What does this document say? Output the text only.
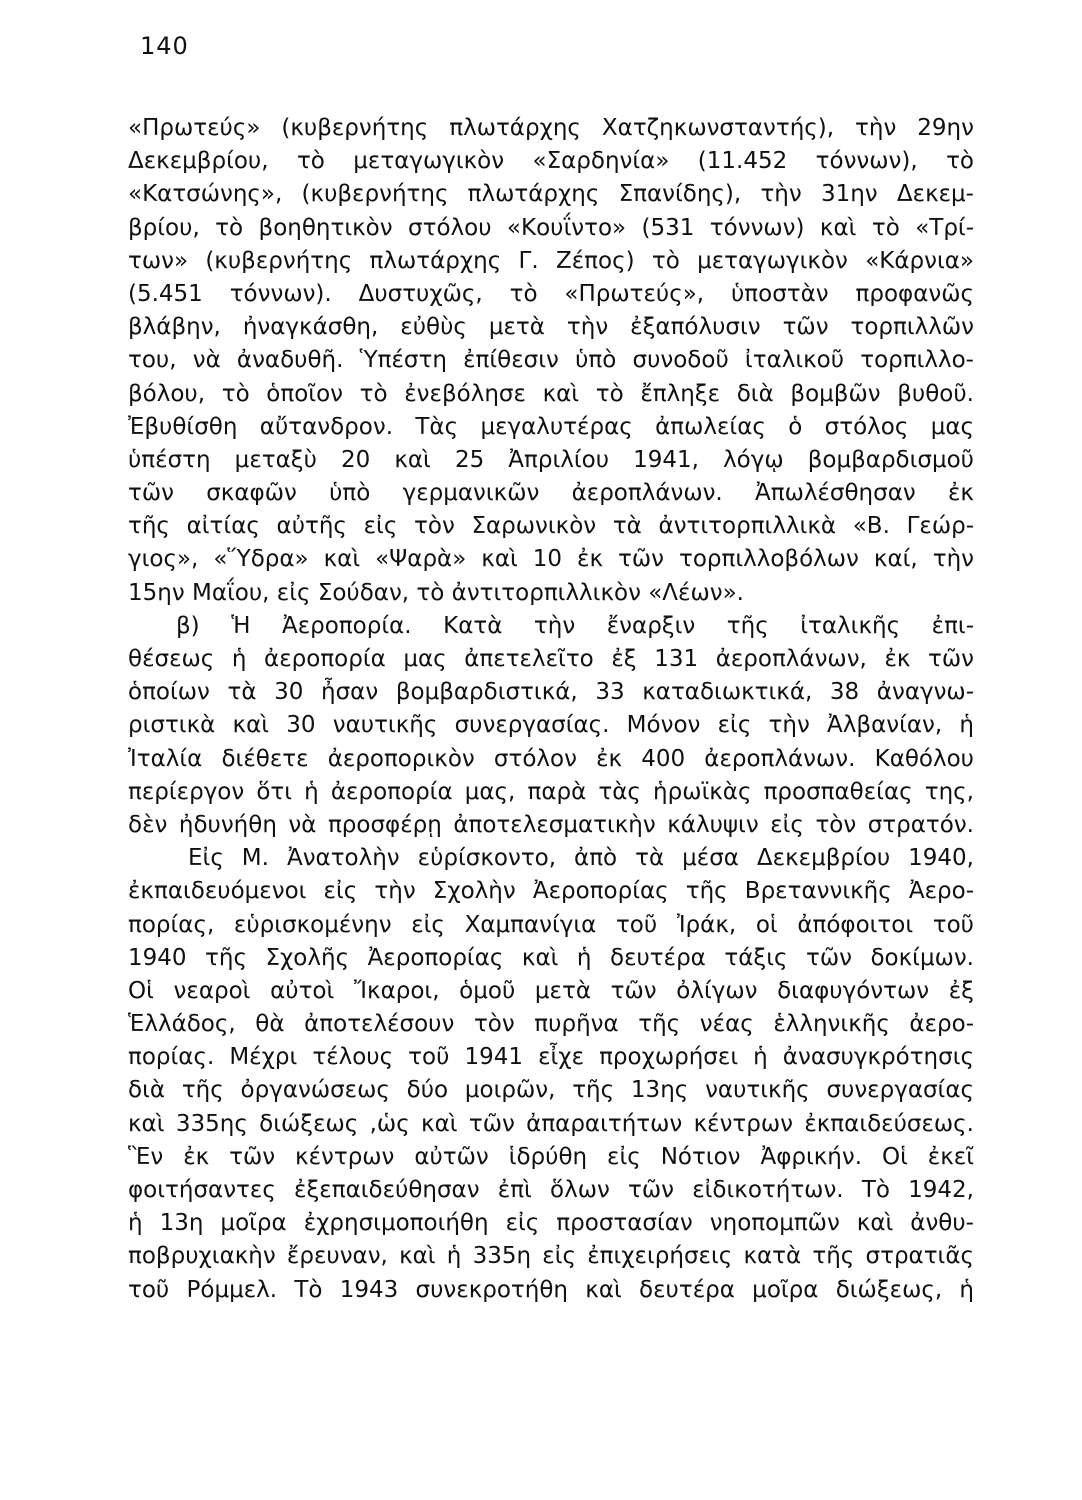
140
«Πρωτεύς» (κυβερνήτης πλωτάρχης Χατζηκωνσταντής), τὴν 29ην
Δεκεμβρίου, τὸ μεταγωγικὸν «Σαρδηνία» (11.452 τόννων), τὸ
«Κατσώνης», (κυβερνήτης πλωτάρχης Σπανίδης), τὴν 31ην Δεκεμ-
βρίου, τὸ βοηθητικὸν στόλου «Κουΐντο» (531 τόννων) καὶ τὸ «Τρί-
των» (κυβερνήτης πλωτάρχης Γ. Ζέπος) τὸ μεταγωγικὸν «Κάρνια»
(5.451 τόννων). Δυστυχῶς, τὸ «Πρωτεύς», ὑποστὰν προφανῶς
βλάβην, ἠναγκάσθη, εὐθὺς μετὰ τὴν ἐξαπόλυσιν τῶν τορπιλλῶν
του, νὰ ἀναδυθῆ. Ὑπέστη ἐπίθεσιν ὑπὸ συνοδοῦ ἰταλικοῦ τορπιλλο-
βόλου, τὸ ὁποῖον τὸ ἐνεβόλησε καὶ τὸ ἔπληξε διὰ βομβῶν βυθοῦ.
Ἐβυθίσθη αὔτανδρον. Τὰς μεγαλυτέρας ἀπωλείας ὁ στόλος μας
ὑπέστη μεταξὺ 20 καὶ 25 Ἀπριλίου 1941, λόγῳ βομβαρδισμοῦ
τῶν σκαφῶν ὑπὸ γερμανικῶν ἀεροπλάνων. Ἀπωλέσθησαν ἐκ
τῆς αἰτίας αὐτῆς εἰς τὸν Σαρωνικὸν τὰ ἀντιτορπιλλικὰ «Β. Γεώρ-
γιος», «Ὕδρα» καὶ «Ψαρὰ» καὶ 10 ἐκ τῶν τορπιλλοβόλων καί, τὴν
15ην Μαΐου, εἰς Σούδαν, τὸ ἀντιτορπιλλικὸν «Λέων».
β) Ἡ Ἀεροπορία. Κατὰ τὴν ἔναρξιν τῆς ἰταλικῆς ἐπι-
θέσεως ἡ ἀεροπορία μας ἀπετελεῖτο ἐξ 131 ἀεροπλάνων, ἐκ τῶν
ὁποίων τὰ 30 ἦσαν βομβαρδιστικά, 33 καταδιωκτικά, 38 ἀναγνω-
ριστικὰ καὶ 30 ναυτικῆς συνεργασίας. Μόνον εἰς τὴν Ἀλβανίαν, ἡ
Ἰταλία διέθετε ἀεροπορικὸν στόλον ἐκ 400 ἀεροπλάνων. Καθόλου
περίεργον ὅτι ἡ ἀεροπορία μας, παρὰ τὰς ἡρωϊκὰς προσπαθείας της,
δὲν ἠδυνήθη νὰ προσφέρῃ ἀποτελεσματικὴν κάλυψιν εἰς τὸν στρατόν.
Εἰς Μ. Ἀνατολὴν εὑρίσκοντο, ἀπὸ τὰ μέσα Δεκεμβρίου 1940,
ἐκπαιδευόμενοι εἰς τὴν Σχολὴν Ἀεροπορίας τῆς Βρεταννικῆς Ἀερο-
πορίας, εὑρισκομένην εἰς Χαμπανίγια τοῦ Ἰράκ, οἱ ἀπόφοιτοι τοῦ
1940 τῆς Σχολῆς Ἀεροπορίας καὶ ἡ δευτέρα τάξις τῶν δοκίμων.
Οἱ νεαροὶ αὐτοὶ Ἴκαροι, ὁμοῦ μετὰ τῶν ὀλίγων διαφυγόντων ἐξ
Ἑλλάδος, θὰ ἀποτελέσουν τὸν πυρῆνα τῆς νέας ἑλληνικῆς ἀερο-
πορίας. Μέχρι τέλους τοῦ 1941 εἶχε προχωρήσει ἡ ἀνασυγκρότησις
διὰ τῆς ὀργανώσεως δύο μοιρῶν, τῆς 13ης ναυτικῆς συνεργασίας
καὶ 335ης διώξεως ,ὡς καὶ τῶν ἀπαραιτήτων κέντρων ἐκπαιδεύσεως.
Ἓν ἐκ τῶν κέντρων αὐτῶν ἱδρύθη εἰς Νότιον Ἀφρικήν. Οἱ ἐκεῖ
φοιτήσαντες ἐξεπαιδεύθησαν ἐπὶ ὅλων τῶν εἰδικοτήτων. Τὸ 1942,
ἡ 13η μοῖρα ἐχρησιμοποιήθη εἰς προστασίαν νηοπομπῶν καὶ ἀνθυ-
ποβρυχιακὴν ἔρευναν, καὶ ἡ 335η εἰς ἐπιχειρήσεις κατὰ τῆς στρατιᾶς
τοῦ Ρόμμελ. Τὸ 1943 συνεκροτήθη καὶ δευτέρα μοῖρα διώξεως, ἡ
